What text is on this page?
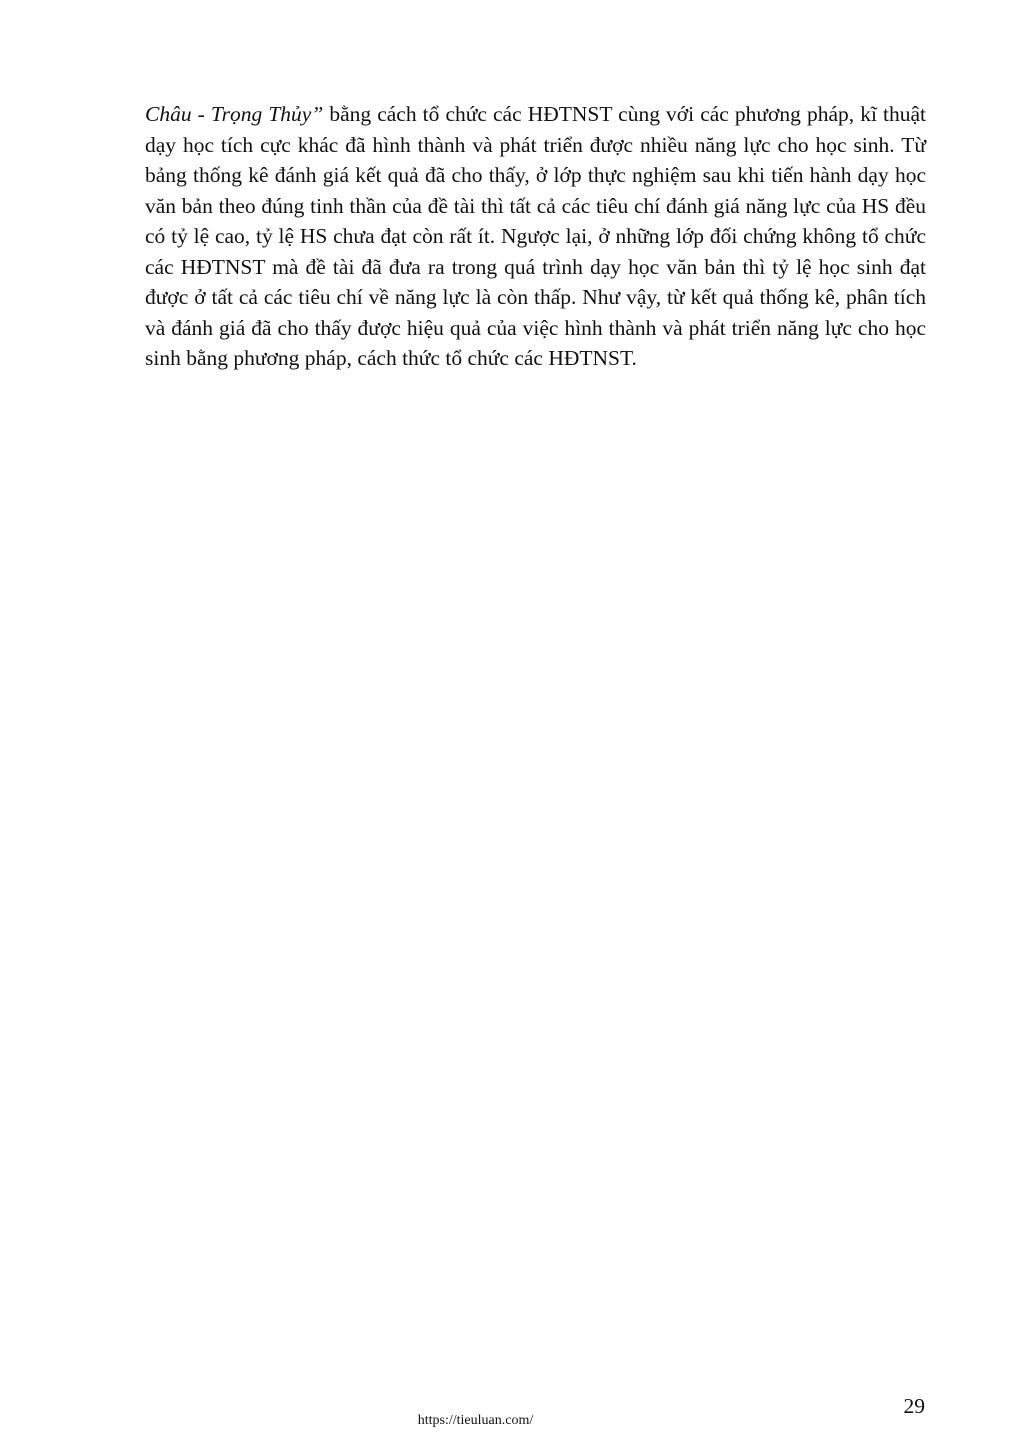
Châu - Trọng Thủy” bằng cách tổ chức các HĐTNST cùng với các phương pháp, kĩ thuật dạy học tích cực khác đã hình thành và phát triển được nhiều năng lực cho học sinh. Từ bảng thống kê đánh giá kết quả đã cho thấy, ở lớp thực nghiệm sau khi tiến hành dạy học văn bản theo đúng tinh thần của đề tài thì tất cả các tiêu chí đánh giá năng lực của HS đều có tỷ lệ cao, tỷ lệ HS chưa đạt còn rất ít. Ngược lại, ở những lớp đối chứng không tổ chức các HĐTNST mà đề tài đã đưa ra trong quá trình dạy học văn bản thì tỷ lệ học sinh đạt được ở tất cả các tiêu chí về năng lực là còn thấp. Như vậy, từ kết quả thống kê, phân tích và đánh giá đã cho thấy được hiệu quả của việc hình thành và phát triển năng lực cho học sinh bằng phương pháp, cách thức tổ chức các HĐTNST.

29
https://tieuluan.com/
